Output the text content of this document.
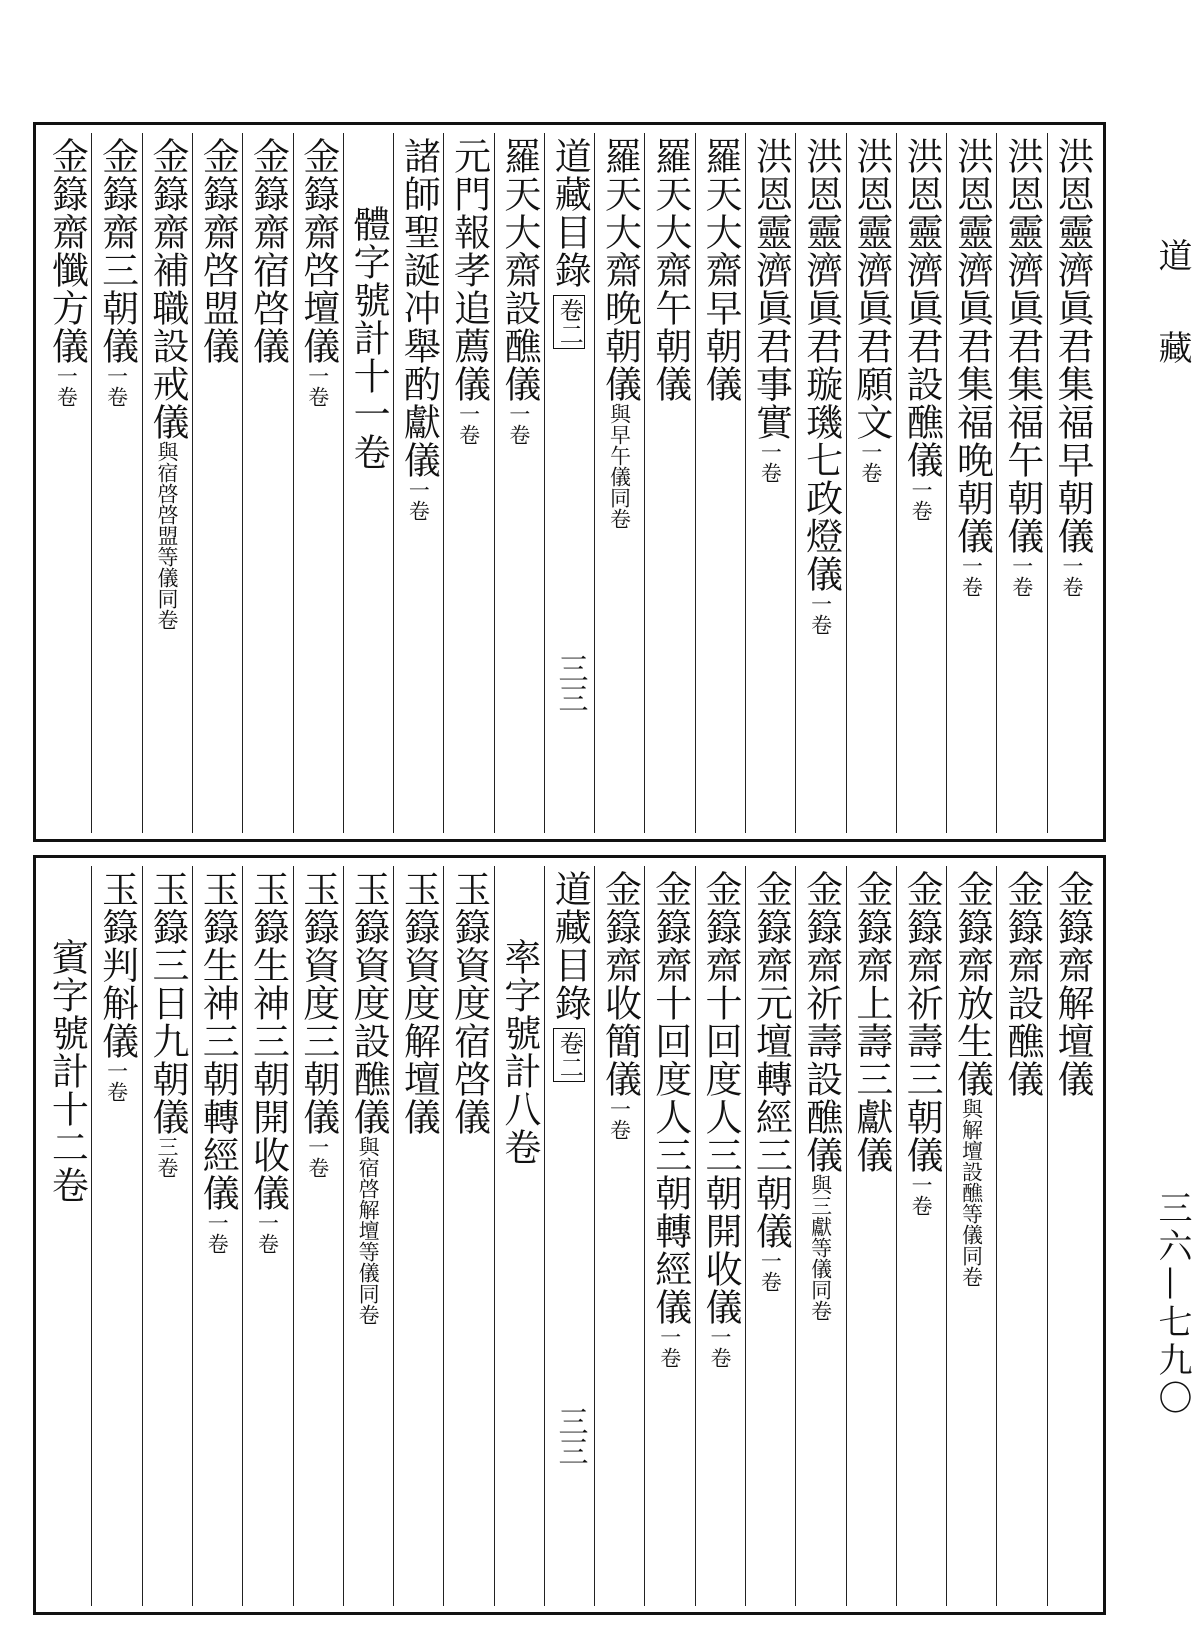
道藏
三六—七九〇
洪恩靈濟眞君集福早朝儀一卷
洪恩靈濟眞君集福午朝儀一卷
洪恩靈濟眞君集福晚朝儀一卷
洪恩靈濟眞君設醮儀一卷
洪恩靈濟眞君願文一卷
洪恩靈濟眞君璇璣七政燈儀一卷
洪恩靈濟眞君事實一卷
羅天大齋早朝儀
羅天大齋午朝儀
羅天大齋晚朝儀與早午儀同卷
道藏目錄卷二
三三
羅天大齋設醮儀一卷
元門報孝追薦儀一卷
諸師聖誕冲舉酌獻儀一卷
體字號計十一卷
金籙齋啓壇儀一卷
金籙齋宿啓儀
金籙齋啓盟儀
金籙齋補職設戒儀與宿啓啓盟等儀同卷
金籙齋三朝儀一卷
金籙齋懺方儀一卷
金籙齋解壇儀
金籙齋設醮儀
金籙齋放生儀與解壇設醮等儀同卷
金籙齋祈壽三朝儀一卷
金籙齋上壽三獻儀
金籙齋祈壽設醮儀與三獻等儀同卷
金籙齋元壇轉經三朝儀一卷
金籙齋十回度人三朝開收儀一卷
金籙齋十回度人三朝轉經儀一卷
金籙齋收簡儀一卷
道藏目錄卷二
三三
率字號計八卷
玉籙資度宿啓儀
玉籙資度解壇儀
玉籙資度設醮儀與宿啓解壇等儀同卷
玉籙資度三朝儀一卷
玉籙生神三朝開收儀一卷
玉籙生神三朝轉經儀一卷
玉籙三日九朝儀三卷
玉籙判斛儀一卷
賓字號計十二卷
